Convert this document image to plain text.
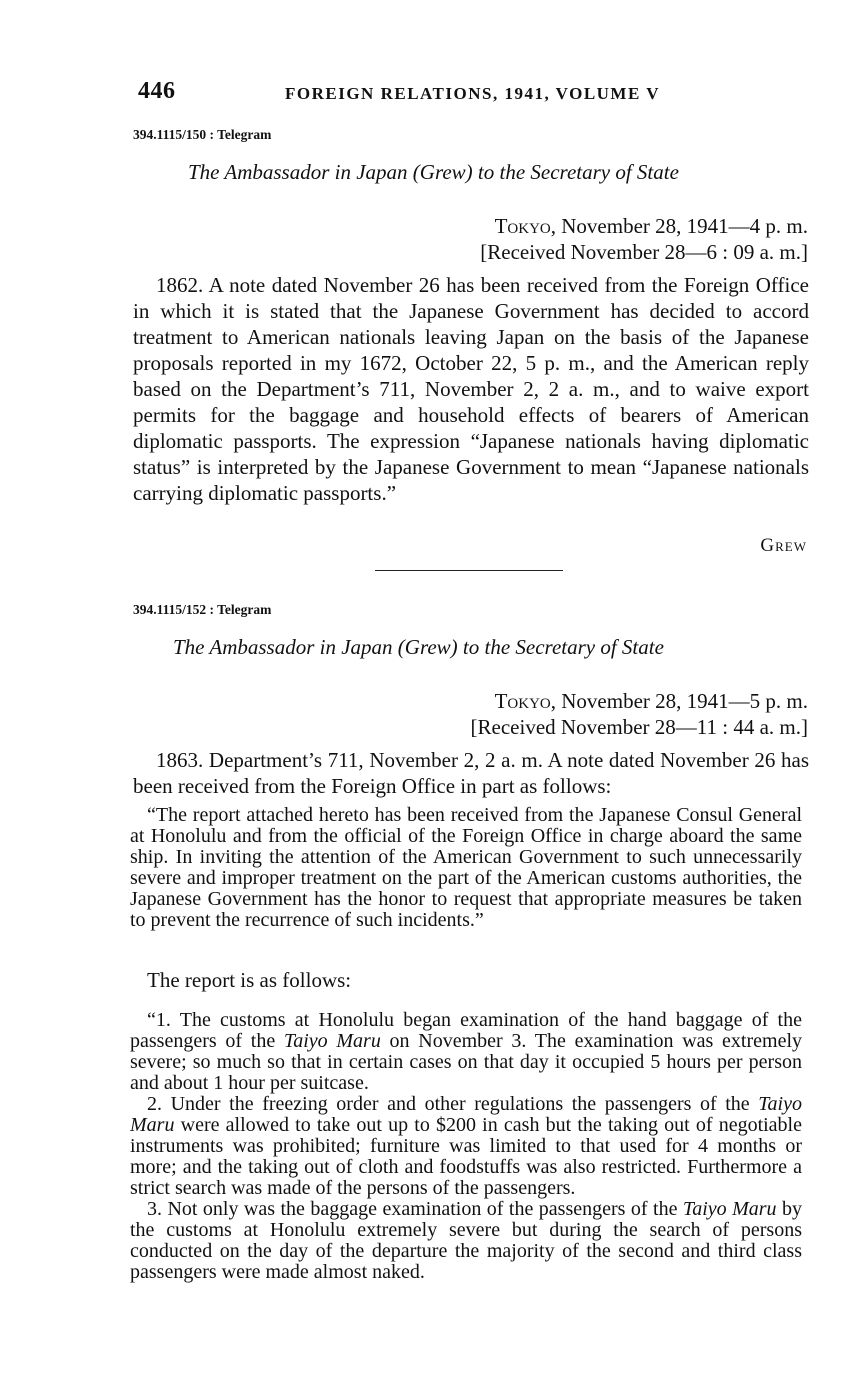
446	FOREIGN RELATIONS, 1941, VOLUME V
394.1115/150 : Telegram
The Ambassador in Japan (Grew) to the Secretary of State
Tokyo, November 28, 1941—4 p. m.
[Received November 28—6 : 09 a. m.]
1862. A note dated November 26 has been received from the Foreign Office in which it is stated that the Japanese Government has decided to accord treatment to American nationals leaving Japan on the basis of the Japanese proposals reported in my 1672, October 22, 5 p. m., and the American reply based on the Department’s 711, November 2, 2 a. m., and to waive export permits for the baggage and household effects of bearers of American diplomatic passports. The expression “Japanese nationals having diplomatic status” is interpreted by the Japanese Government to mean “Japanese nationals carrying diplomatic passports.”
Grew
394.1115/152 : Telegram
The Ambassador in Japan (Grew) to the Secretary of State
Tokyo, November 28, 1941—5 p. m.
[Received November 28—11 : 44 a. m.]
1863. Department’s 711, November 2, 2 a. m. A note dated November 26 has been received from the Foreign Office in part as follows:
“The report attached hereto has been received from the Japanese Consul General at Honolulu and from the official of the Foreign Office in charge aboard the same ship. In inviting the attention of the American Government to such unnecessarily severe and improper treatment on the part of the American customs authorities, the Japanese Government has the honor to request that appropriate measures be taken to prevent the recurrence of such incidents.”
The report is as follows:

“1. The customs at Honolulu began examination of the hand baggage of the passengers of the Taiyo Maru on November 3. The examination was extremely severe; so much so that in certain cases on that day it occupied 5 hours per person and about 1 hour per suitcase.

2. Under the freezing order and other regulations the passengers of the Taiyo Maru were allowed to take out up to $200 in cash but the taking out of negotiable instruments was prohibited; furniture was limited to that used for 4 months or more; and the taking out of cloth and foodstuffs was also restricted. Furthermore a strict search was made of the persons of the passengers.

3. Not only was the baggage examination of the passengers of the Taiyo Maru by the customs at Honolulu extremely severe but during the search of persons conducted on the day of the departure the majority of the second and third class passengers were made almost naked.
